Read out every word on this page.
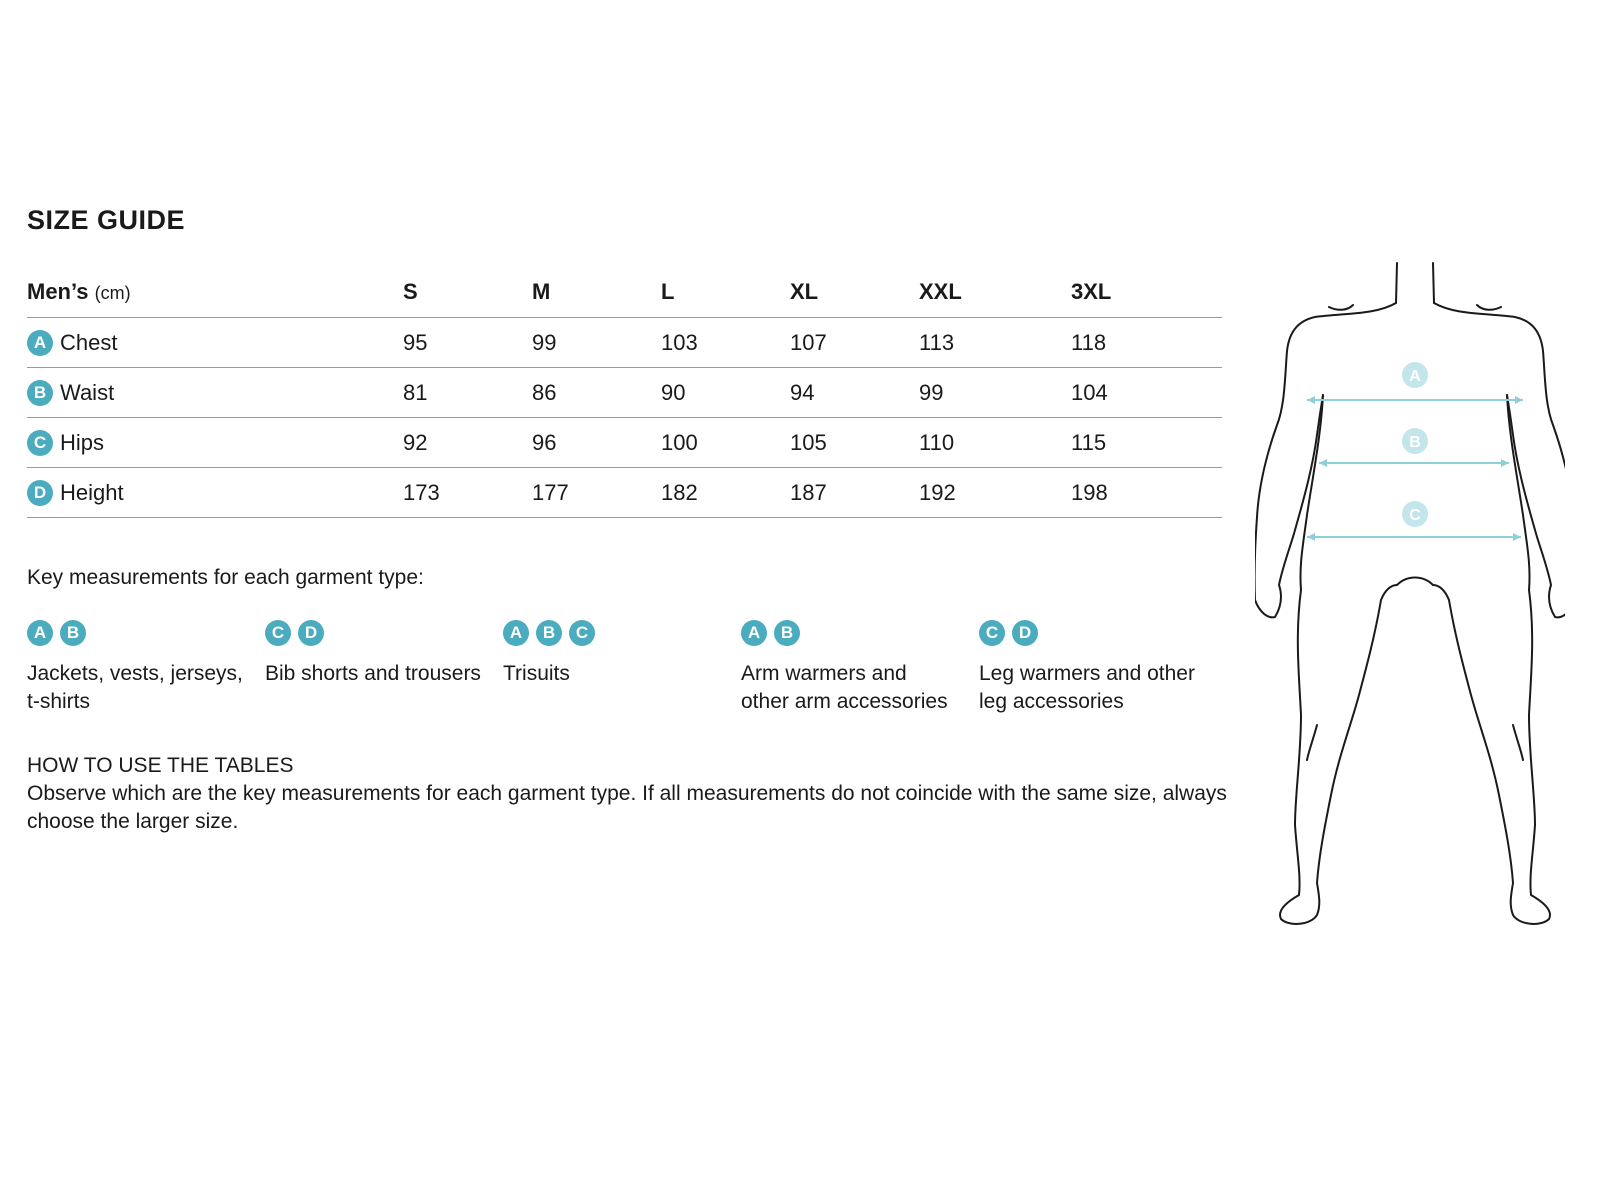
SIZE GUIDE
Men’s (cm)	S	M	L	XL	XXL	3XL

A Chest	95	99	103	107	113	118

B Waist	81	86	90	94	99	104

C Hips	92	96	100	105	110	115

D Height	173	177	182	187	192	198

Key measurements for each garment type:

A	B
Jackets, vests, jerseys,
t-shirts
C	D
Bib shorts and trousers
A	B	C
Trisuits
A	B
Arm warmers and
other arm accessories
C	D
Leg warmers and other
leg accessories
HOW TO USE THE TABLES
Observe which are the key measurements for each garment type. If all measurements do not coincide with the same size, always choose the larger size.
A
B
C
